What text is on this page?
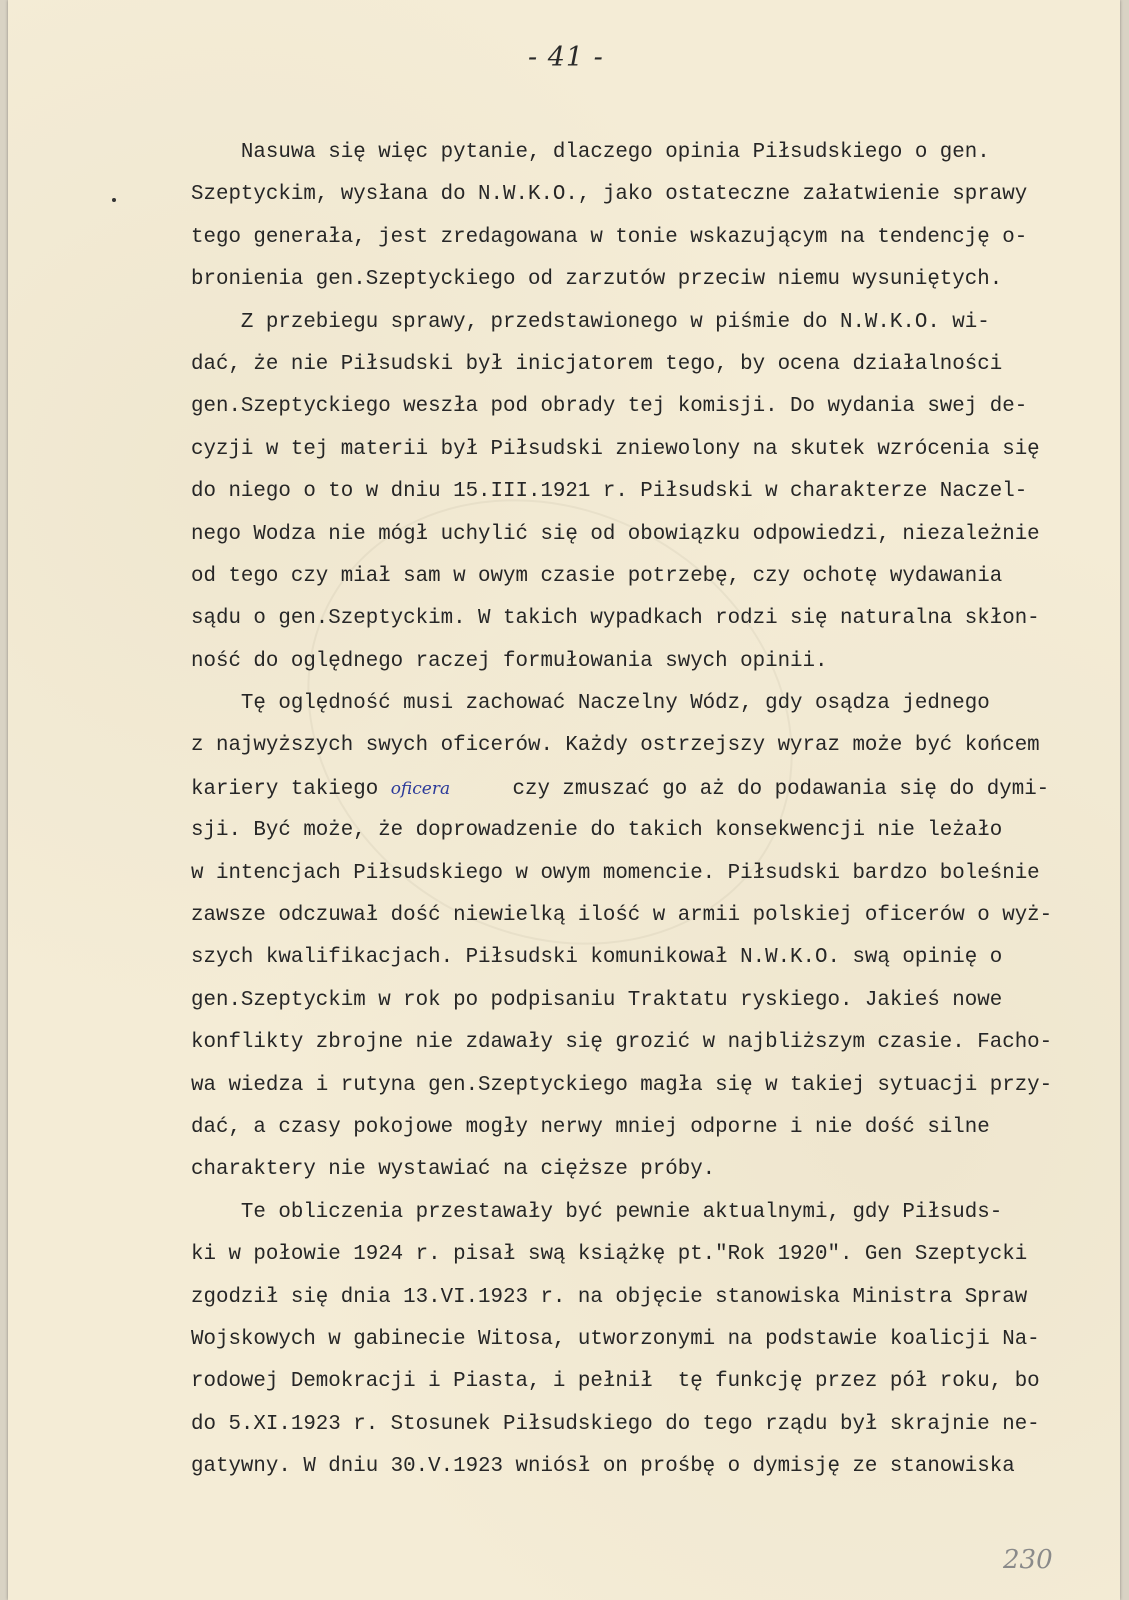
- 41 -
Nasuwa się więc pytanie, dlaczego opinia Piłsudskiego o gen.
Szeptyckim, wysłana do N.W.K.O., jako ostateczne załatwienie sprawy
tego generała, jest zredagowana w tonie wskazującym na tendencję o-
bronienia gen.Szeptyckiego od zarzutów przeciw niemu wysuniętych.
Z przebiegu sprawy, przedstawionego w piśmie do N.W.K.O. wi-
dać, że nie Piłsudski był inicjatorem tego, by ocena działalności
gen.Szeptyckiego weszła pod obrady tej komisji. Do wydania swej de-
cyzji w tej materii był Piłsudski zniewolony na skutek wzrócenia się
do niego o to w dniu 15.III.1921 r. Piłsudski w charakterze Naczel-
nego Wodza nie mógł uchylić się od obowiązku odpowiedzi, niezależnie
od tego czy miał sam w owym czasie potrzebę, czy ochotę wydawania
sądu o gen.Szeptyckim. W takich wypadkach rodzi się naturalna skłon-
ność do oględnego raczej formułowania swych opinii.
Tę oględność musi zachować Naczelny Wódz, gdy osądza jednego
z najwyższych swych oficerów. Każdy ostrzejszy wyraz może być końcem
kariery takiego oficera     czy zmuszać go aż do podawania się do dymi-
sji. Być może, że doprowadzenie do takich konsekwencji nie leżało
w intencjach Piłsudskiego w owym momencie. Piłsudski bardzo boleśnie
zawsze odczuwał dość niewielką ilość w armii polskiej oficerów o wyż-
szych kwalifikacjach. Piłsudski komunikował N.W.K.O. swą opinię o
gen.Szeptyckim w rok po podpisaniu Traktatu ryskiego. Jakieś nowe
konflikty zbrojne nie zdawały się grozić w najbliższym czasie. Facho-
wa wiedza i rutyna gen.Szeptyckiego magła się w takiej sytuacji przy-
dać, a czasy pokojowe mogły nerwy mniej odporne i nie dość silne
charaktery nie wystawiać na cięższe próby.
Te obliczenia przestawały być pewnie aktualnymi, gdy Piłsuds-
ki w połowie 1924 r. pisał swą książkę pt."Rok 1920". Gen Szeptycki
zgodził się dnia 13.VI.1923 r. na objęcie stanowiska Ministra Spraw
Wojskowych w gabinecie Witosa, utworzonymi na podstawie koalicji Na-
rodowej Demokracji i Piasta, i pełnił  tę funkcję przez pół roku, bo
do 5.XI.1923 r. Stosunek Piłsudskiego do tego rządu był skrajnie ne-
gatywny. W dniu 30.V.1923 wniósł on prośbę o dymisję ze stanowiska
230
